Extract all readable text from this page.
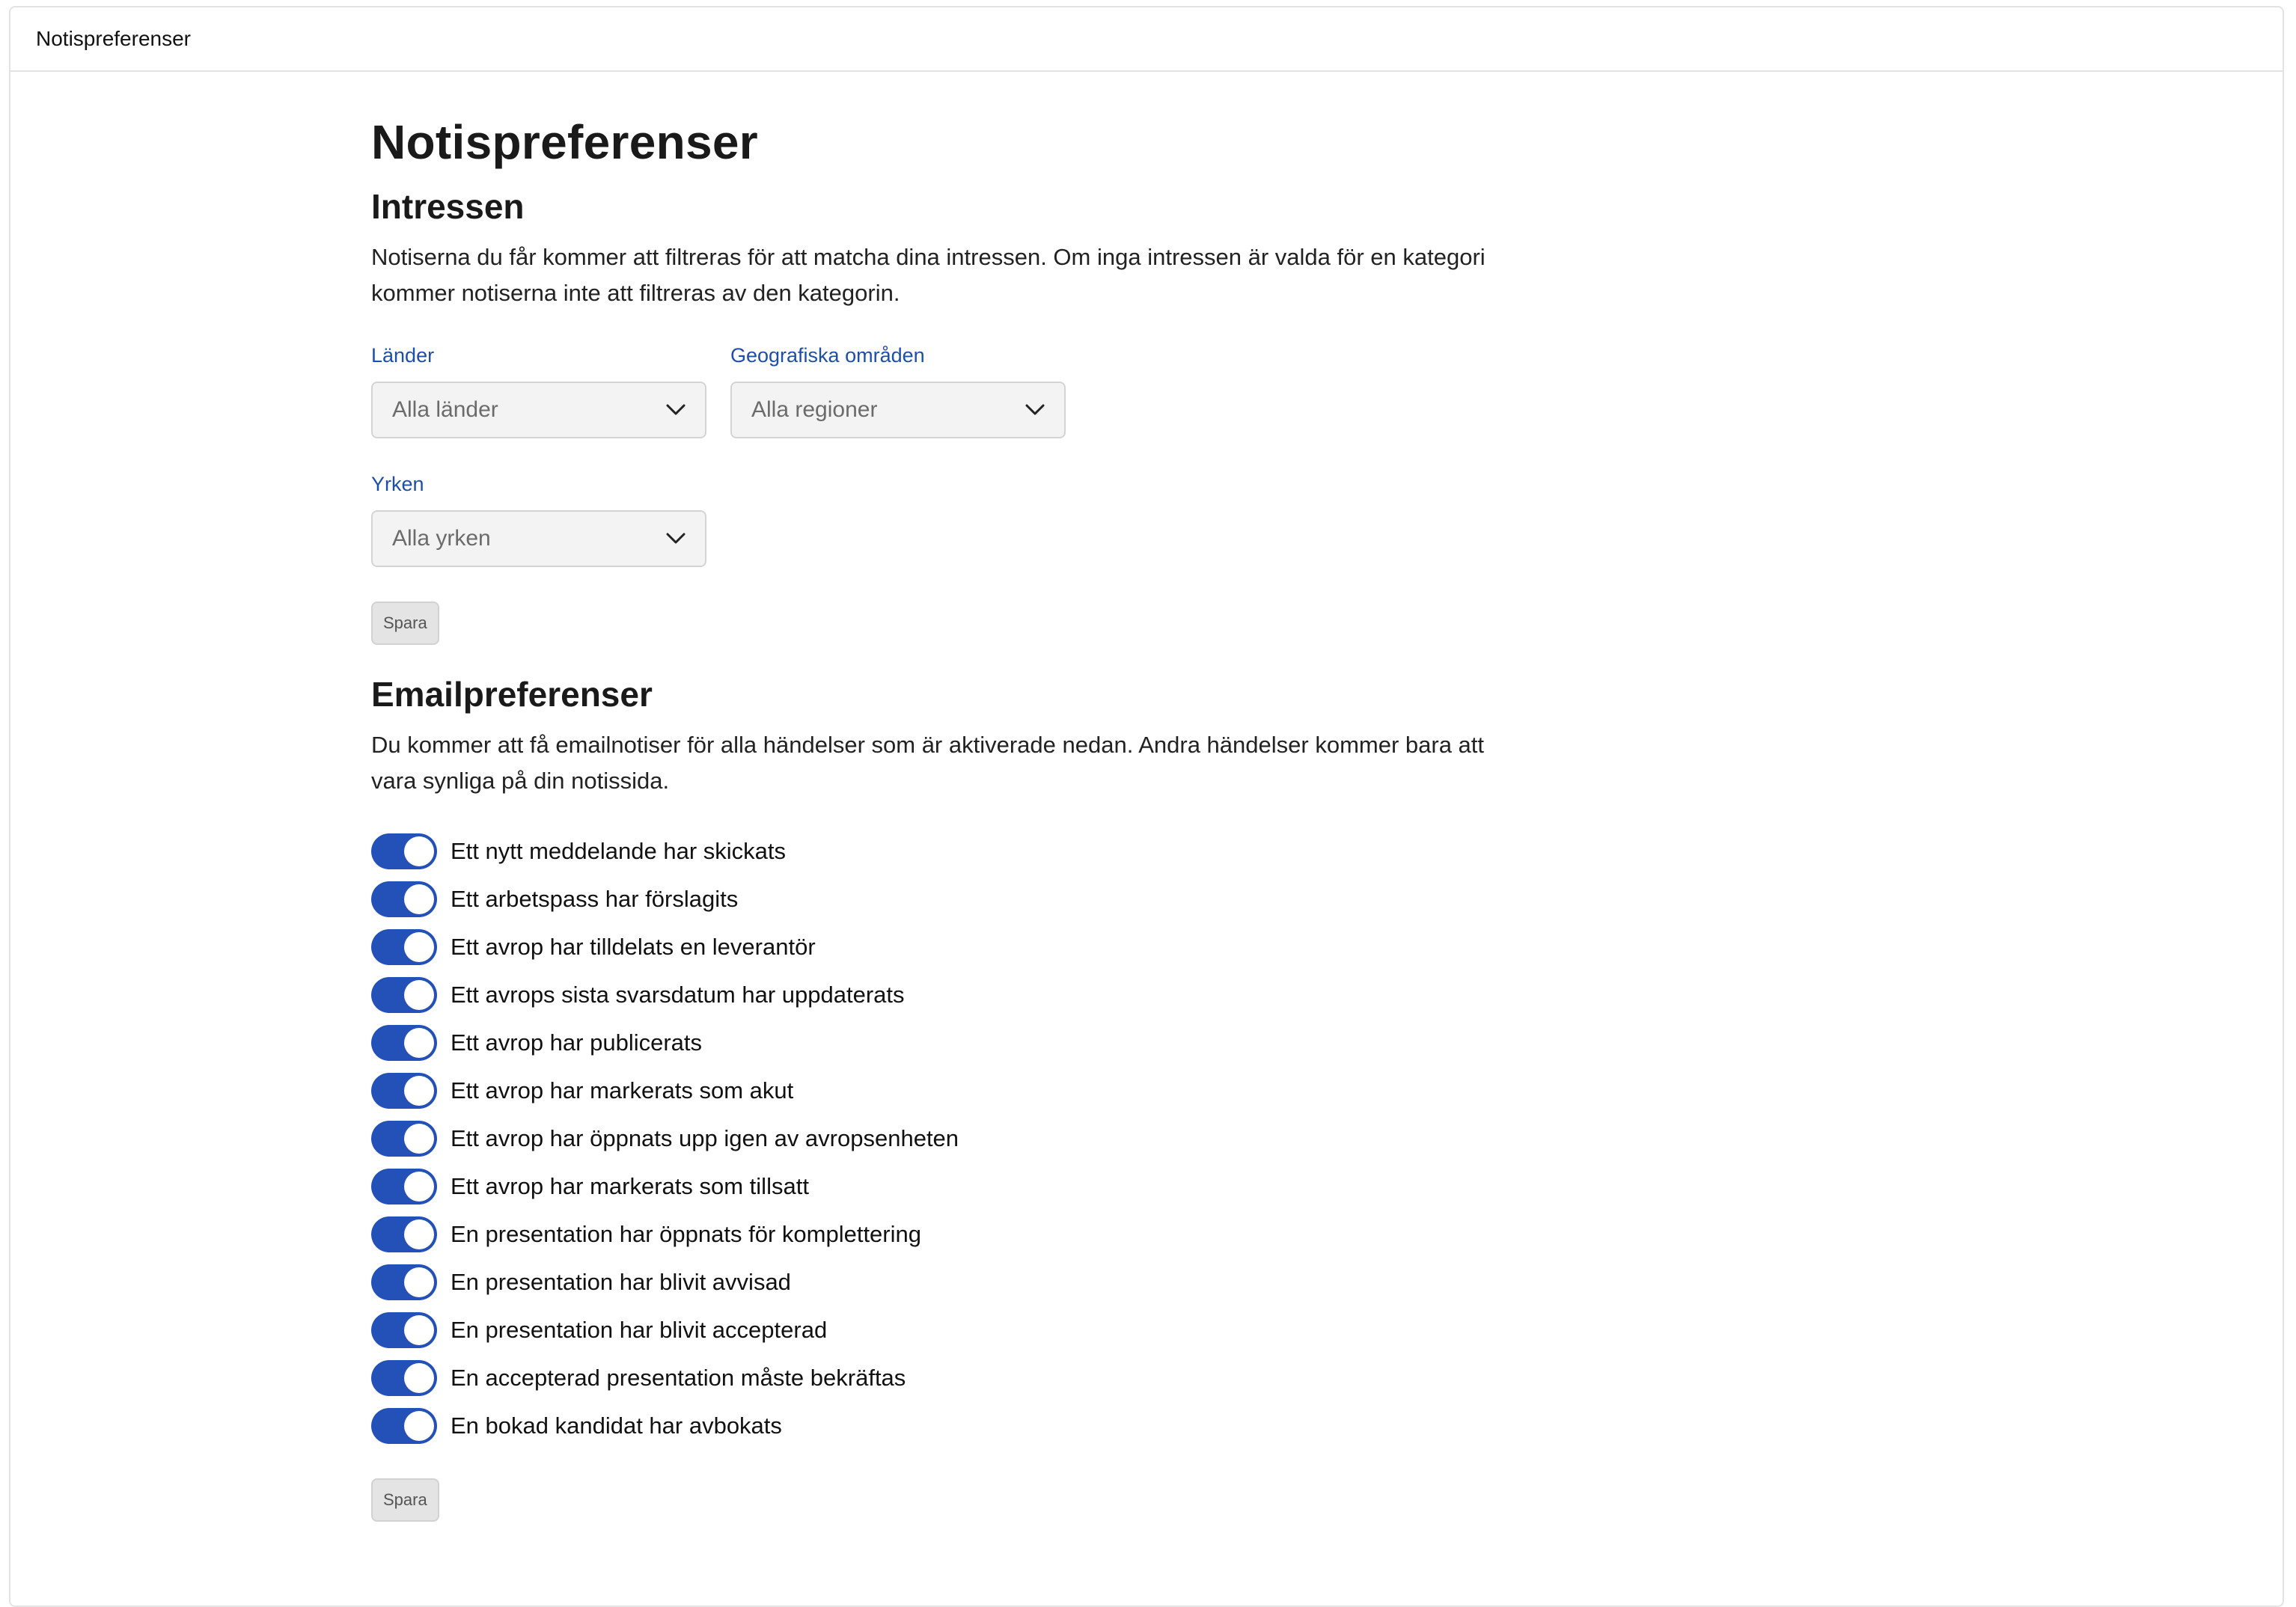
Notispreferenser
Notispreferenser
Intressen
Notiserna du får kommer att filtreras för att matcha dina intressen. Om inga intressen är valda för en kategori kommer notiserna inte att filtreras av den kategorin.
Länder
Alla länder
Geografiska områden
Alla regioner
Yrken
Alla yrken
Spara
Emailpreferenser
Du kommer att få emailnotiser för alla händelser som är aktiverade nedan. Andra händelser kommer bara att vara synliga på din notissida.
Ett nytt meddelande har skickats
Ett arbetspass har förslagits
Ett avrop har tilldelats en leverantör
Ett avrops sista svarsdatum har uppdaterats
Ett avrop har publicerats
Ett avrop har markerats som akut
Ett avrop har öppnats upp igen av avropsenheten
Ett avrop har markerats som tillsatt
En presentation har öppnats för komplettering
En presentation har blivit avvisad
En presentation har blivit accepterad
En accepterad presentation måste bekräftas
En bokad kandidat har avbokats
Spara
